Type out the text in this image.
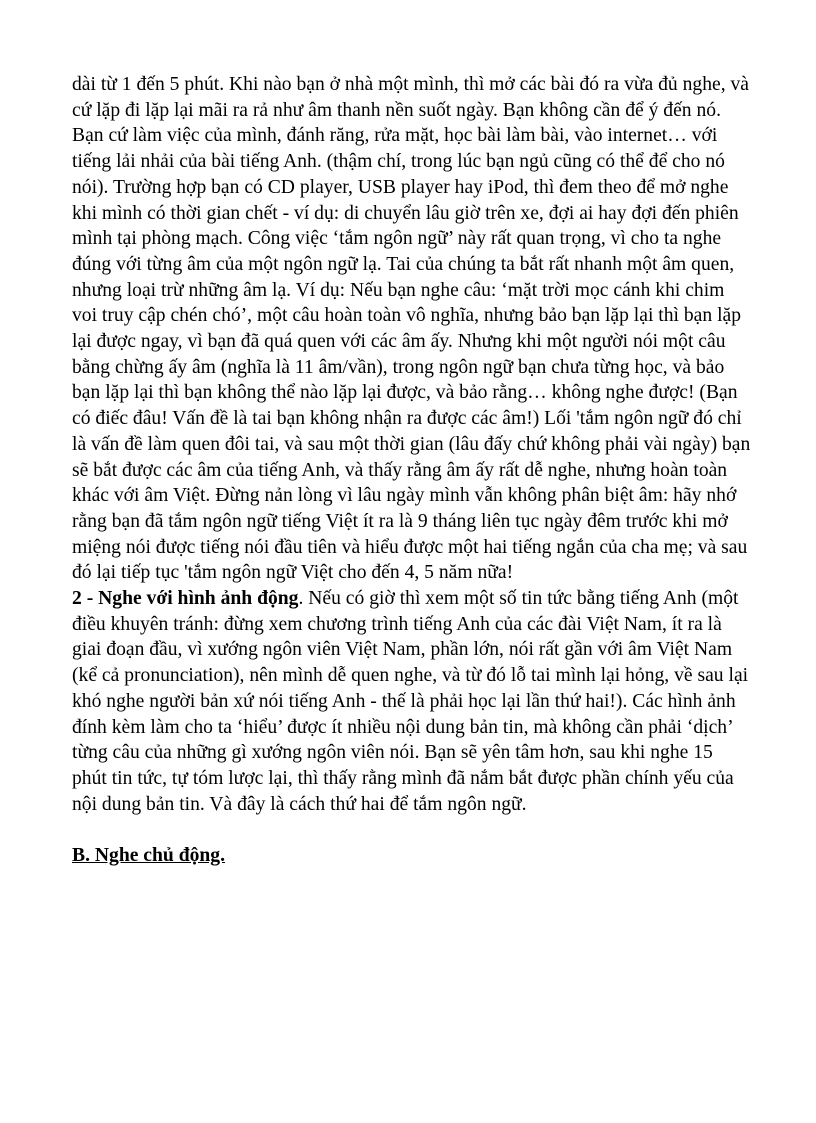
dài từ 1 đến 5 phút. Khi nào bạn ở nhà một mình, thì mở các bài đó ra vừa đủ nghe, và cứ lặp đi lặp lại mãi ra rả như âm thanh nền suốt ngày. Bạn không cần để ý đến nó. Bạn cứ làm việc của mình, đánh răng, rửa mặt, học bài làm bài, vào internet… với tiếng lải nhải của bài tiếng Anh. (thậm chí, trong lúc bạn ngủ cũng có thể để cho nó nói). Trường hợp bạn có CD player, USB player hay iPod, thì đem theo để mở nghe khi mình có thời gian chết - ví dụ: di chuyển lâu giờ trên xe, đợi ai hay đợi đến phiên mình tại phòng mạch. Công việc ‘tắm ngôn ngữ’ này rất quan trọng, vì cho ta nghe đúng với từng âm của một ngôn ngữ lạ. Tai của chúng ta bắt rất nhanh một âm quen, nhưng loại trừ những âm lạ. Ví dụ: Nếu bạn nghe câu: ‘mặt trời mọc cánh khi chim voi truy cập chén chó’, một câu hoàn toàn vô nghĩa, nhưng bảo bạn lặp lại thì bạn lặp lại được ngay, vì bạn đã quá quen với các âm ấy. Nhưng khi một người nói một câu bằng chừng ấy âm (nghĩa là 11 âm/vần), trong ngôn ngữ bạn chưa từng học, và bảo bạn lặp lại thì bạn không thể nào lặp lại được, và bảo rằng… không nghe được! (Bạn có điếc đâu! Vấn đề là tai bạn không nhận ra được các âm!) Lối 'tắm ngôn ngữ đó chỉ là vấn đề làm quen đôi tai, và sau một thời gian (lâu đấy chứ không phải vài ngày) bạn sẽ bắt được các âm của tiếng Anh, và thấy rằng âm ấy rất dễ nghe, nhưng hoàn toàn khác với âm Việt. Đừng nản lòng vì lâu ngày mình vẫn không phân biệt âm: hãy nhớ rằng bạn đã tắm ngôn ngữ tiếng Việt ít ra là 9 tháng liên tục ngày đêm trước khi mở miệng nói được tiếng nói đầu tiên và hiểu được một hai tiếng ngắn của cha mẹ; và sau đó lại tiếp tục 'tắm ngôn ngữ Việt cho đến 4, 5 năm nữa!

2 - Nghe với hình ảnh động. Nếu có giờ thì xem một số tin tức bằng tiếng Anh (một điều khuyên tránh: đừng xem chương trình tiếng Anh của các đài Việt Nam, ít ra là giai đoạn đầu, vì xướng ngôn viên Việt Nam, phần lớn, nói rất gần với âm Việt Nam (kể cả pronunciation), nên mình dễ quen nghe, và từ đó lỗ tai mình lại hỏng, về sau lại khó nghe người bản xứ nói tiếng Anh - thế là phải học lại lần thứ hai!). Các hình ảnh đính kèm làm cho ta ‘hiểu’ được ít nhiều nội dung bản tin, mà không cần phải ‘dịch’ từng câu của những gì xướng ngôn viên nói. Bạn sẽ yên tâm hơn, sau khi nghe 15 phút tin tức, tự tóm lược lại, thì thấy rằng mình đã nắm bắt được phần chính yếu của nội dung bản tin. Và đây là cách thứ hai để tắm ngôn ngữ.

B. Nghe chủ động.
